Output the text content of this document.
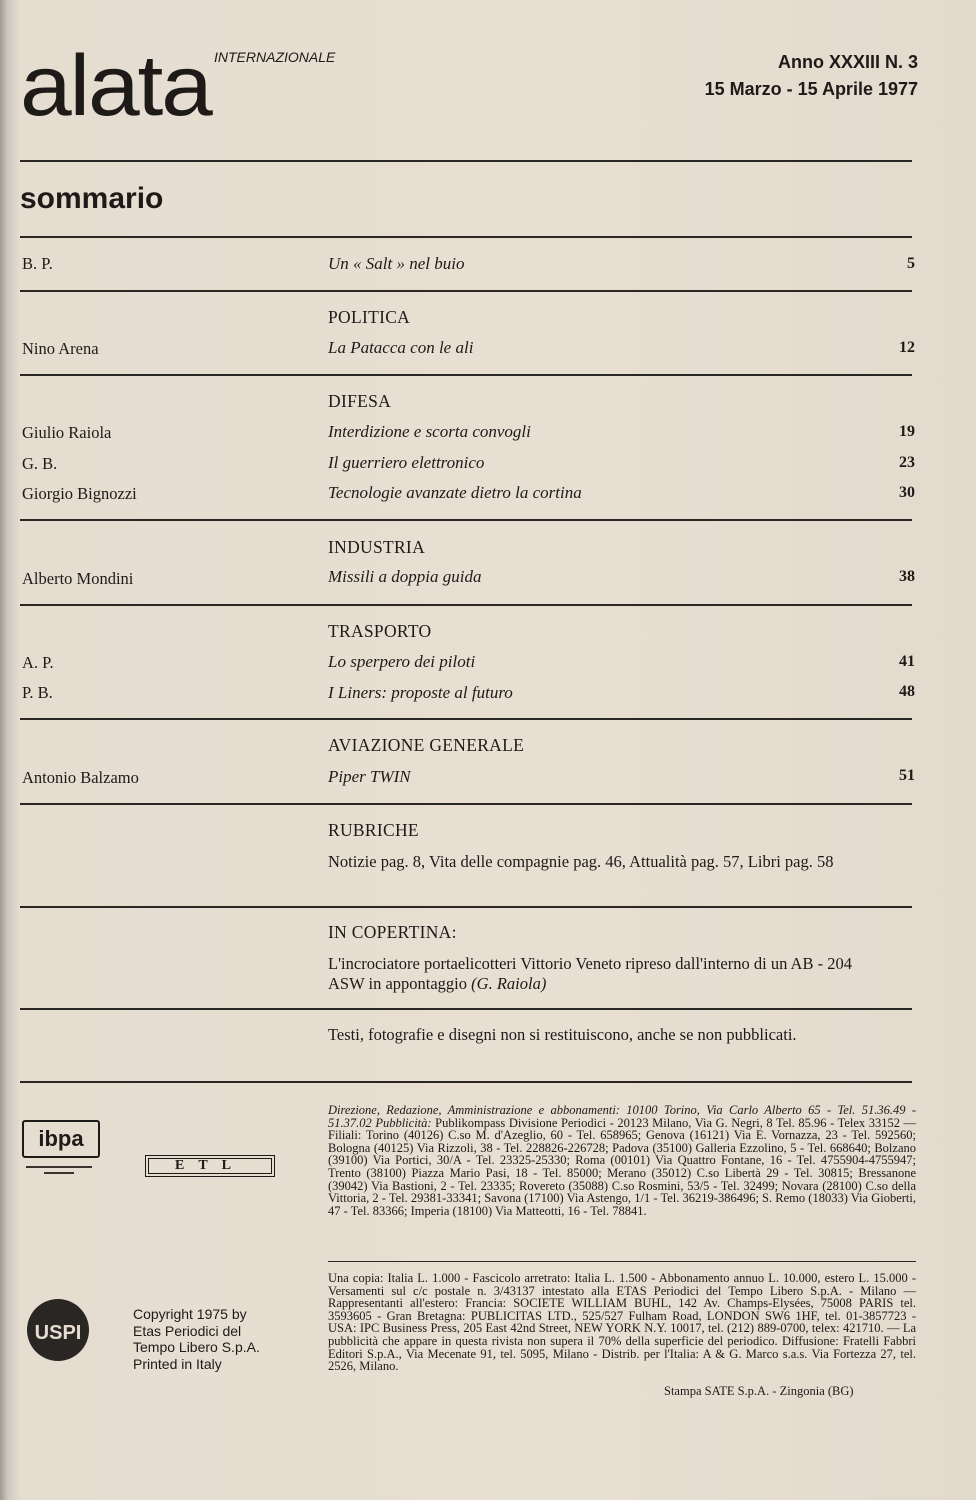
alata INTERNAZIONALE	Anno XXXIII N. 3
15 Marzo - 15 Aprile 1977
sommario
B. P.	Un « Salt » nel buio	5
POLITICA
Nino Arena	La Patacca con le ali	12
DIFESA
Giulio Raiola	Interdizione e scorta convogli	19
G. B.	Il guerriero elettronico	23
Giorgio Bignozzi	Tecnologie avanzate dietro la cortina	30
INDUSTRIA
Alberto Mondini	Missili a doppia guida	38
TRASPORTO
A. P.	Lo sperpero dei piloti	41
P. B.	I Liners: proposte al futuro	48
AVIAZIONE GENERALE
Antonio Balzamo	Piper TWIN	51
RUBRICHE
Notizie pag. 8, Vita delle compagnie pag. 46, Attualità pag. 57, Libri pag. 58
IN COPERTINA:
L'incrociatore portaelicotteri Vittorio Veneto ripreso dall'interno di un AB - 204 ASW in appontaggio (G. Raiola)
Testi, fotografie e disegni non si restituiscono, anche se non pubblicati.
Direzione, Redazione, Amministrazione e abbonamenti: 10100 Torino, Via Carlo Alberto 65 - Tel. 51.36.49 - 51.37.02 Pubblicità: Publikompass Divisione Periodici - 20123 Milano, Via G. Negri, 8 Tel. 85.96 - Telex 33152 — Filiali: Torino (40126) C.so M. d'Azeglio, 60 - Tel. 658965; Genova (16121) Via E. Vornazza, 23 - Tel. 592560; Bologna (40125) Via Rizzoli, 38 - Tel. 228826-226728; Padova (35100) Galleria Ezzolino, 5 - Tel. 668640; Bolzano (39100) Via Portici, 30/A - Tel. 23325-25330; Roma (00101) Via Quattro Fontane, 16 - Tel. 4755904-4755947; Trento (38100) Piazza Mario Pasi, 18 - Tel. 85000; Merano (35012) C.so Libertà 29 - Tel. 30815; Bressanone (39042) Via Bastioni, 2 - Tel. 23335; Rovereto (35088) C.so Rosmini, 53/5 - Tel. 32499; Novara (28100) C.so della Vittoria, 2 - Tel. 29381-33341; Savona (17100) Via Astengo, 1/1 - Tel. 36219-386496; S. Remo (18033) Via Gioberti, 47 - Tel. 83366; Imperia (18100) Via Matteotti, 16 - Tel. 78841.
Una copia: Italia L. 1.000 - Fascicolo arretrato: Italia L. 1.500 - Abbonamento annuo L. 10.000, estero L. 15.000 - Versamenti sul c/c postale n. 3/43137 intestato alla ETAS Periodici del Tempo Libero S.p.A. - Milano — Rappresentanti all'estero: Francia: SOCIETE WILLIAM BUHL, 142 Av. Champs-Elysées, 75008 PARIS tel. 3593605 - Gran Bretagna: PUBLICITAS LTD., 525/527 Fulham Road, LONDON SW6 1HF, tel. 01-3857723 - USA: IPC Business Press, 205 East 42nd Street, NEW YORK N.Y. 10017, tel. (212) 889-0700, telex: 421710. — La pubblicità che appare in questa rivista non supera il 70% della superficie del periodico. Diffusione: Fratelli Fabbri Editori S.p.A., Via Mecenate 91, tel. 5095, Milano - Distrib. per l'Italia: A & G. Marco s.a.s. Via Fortezza 27, tel. 2526, Milano.
Stampa SATE S.p.A. - Zingonia (BG)
ibpa
ETL
USPI
Copyright 1975 by
Etas Periodici del
Tempo Libero S.p.A.
Printed in Italy
